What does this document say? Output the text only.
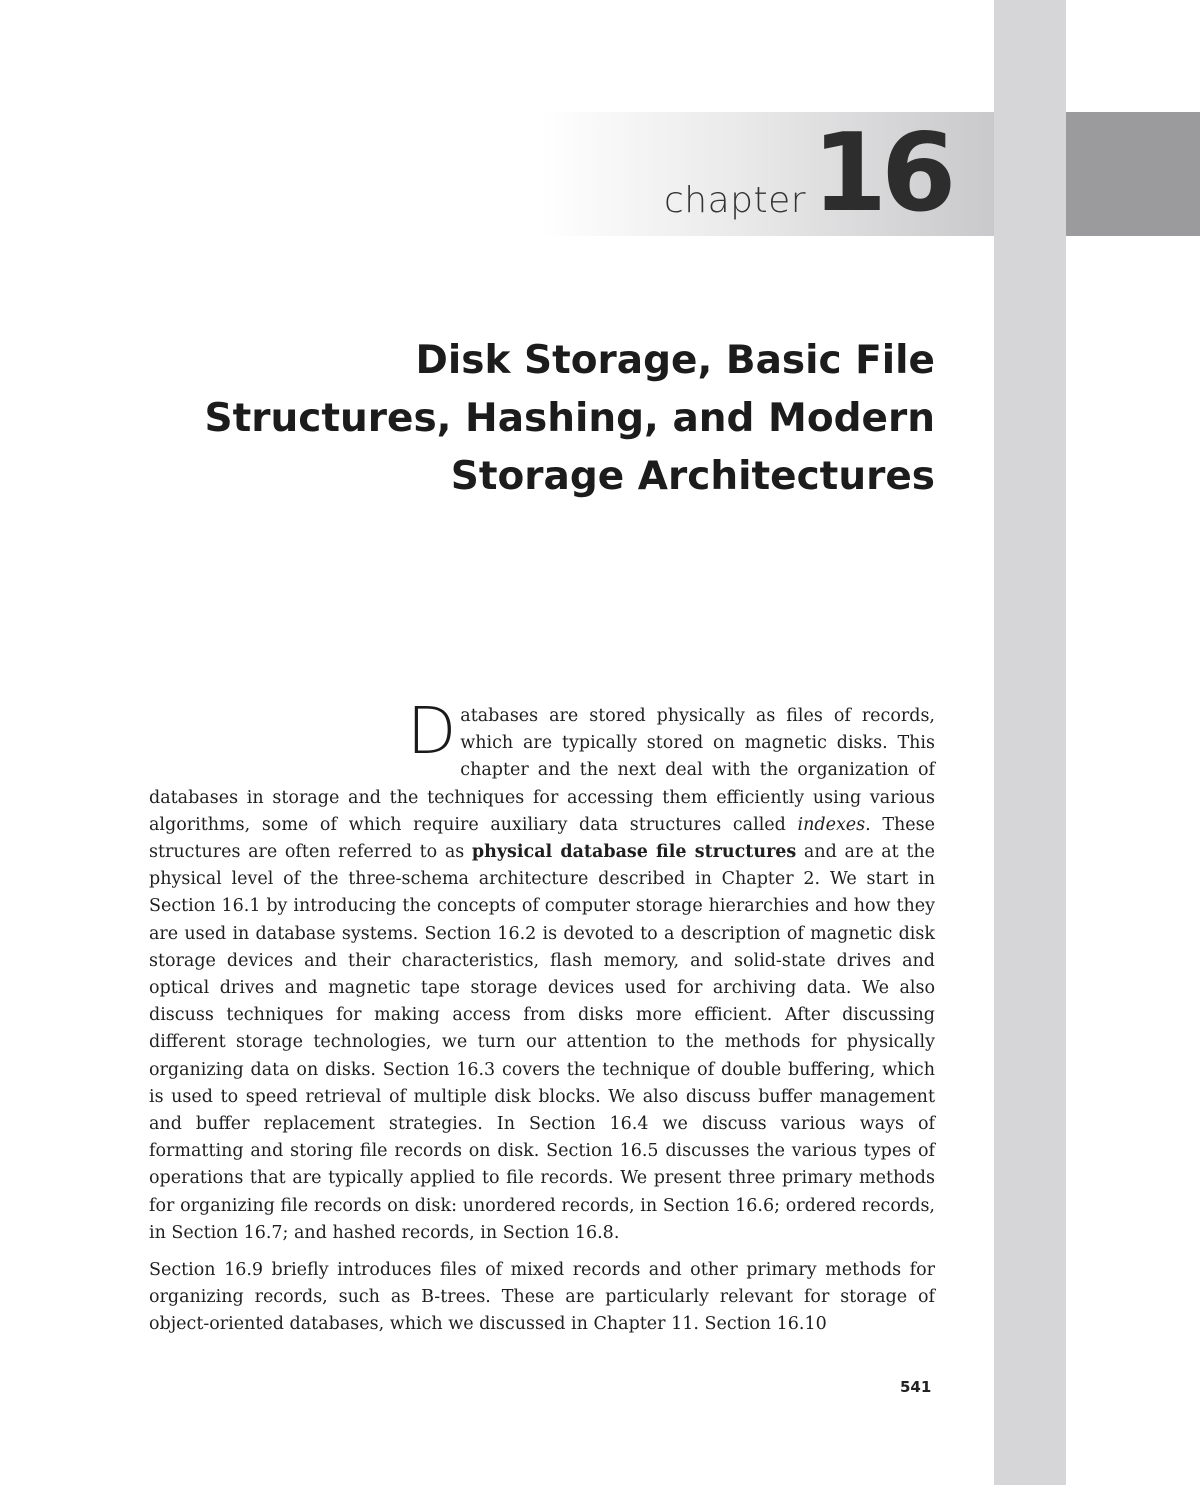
chapter 16
Disk Storage, Basic File
Structures, Hashing, and Modern
Storage Architectures

Databases are stored physically as files of records, which are typically stored on magnetic disks. This chapter and the next deal with the organization of databases in storage and the techniques for accessing them efficiently using various algorithms, some of which require auxiliary data structures called indexes. These structures are often referred to as physical database file structures and are at the physical level of the three-schema architecture described in Chapter 2. We start in Section 16.1 by introducing the concepts of computer storage hierarchies and how they are used in database systems. Section 16.2 is devoted to a description of magnetic disk storage devices and their characteristics, flash memory, and solid-state drives and optical drives and magnetic tape storage devices used for archiving data. We also discuss techniques for making access from disks more efficient. After discussing different storage technologies, we turn our attention to the methods for physically organizing data on disks. Section 16.3 covers the technique of double buffering, which is used to speed retrieval of multiple disk blocks. We also discuss buffer management and buffer replacement strategies. In Section 16.4 we discuss various ways of formatting and storing file records on disk. Section 16.5 discusses the various types of operations that are typically applied to file records. We present three primary methods for organizing file records on disk: unordered records, in Section 16.6; ordered records, in Section 16.7; and hashed records, in Section 16.8.

Section 16.9 briefly introduces files of mixed records and other primary methods for organizing records, such as B-trees. These are particularly relevant for storage of object-oriented databases, which we discussed in Chapter 11. Section 16.10

541
